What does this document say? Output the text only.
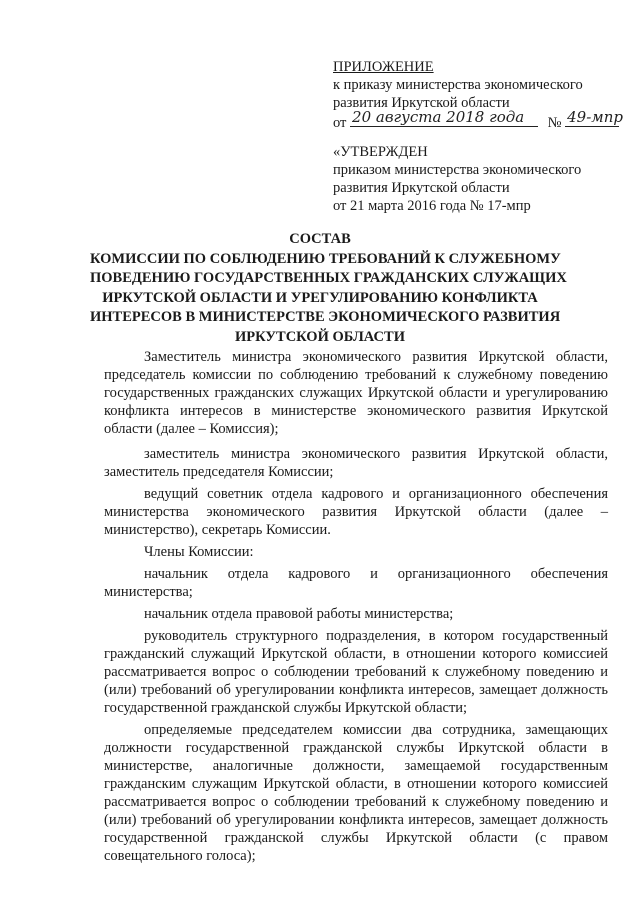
ПРИЛОЖЕНИЕ
к приказу министерства экономического
развития Иркутской области
от 20 августа 2018 года № 49-мпр
«УТВЕРЖДЕН
приказом министерства экономического
развития Иркутской области
от 21 марта 2016 года № 17-мпр
СОСТАВ
КОМИССИИ ПО СОБЛЮДЕНИЮ ТРЕБОВАНИЙ К СЛУЖЕБНОМУ
ПОВЕДЕНИЮ ГОСУДАРСТВЕННЫХ ГРАЖДАНСКИХ СЛУЖАЩИХ
ИРКУТСКОЙ ОБЛАСТИ И УРЕГУЛИРОВАНИЮ КОНФЛИКТА
ИНТЕРЕСОВ В МИНИСТЕРСТВЕ ЭКОНОМИЧЕСКОГО РАЗВИТИЯ
ИРКУТСКОЙ ОБЛАСТИ

Заместитель министра экономического развития Иркутской области, председатель комиссии по соблюдению требований к служебному поведению государственных гражданских служащих Иркутской области и урегулированию конфликта интересов в министерстве экономического развития Иркутской области (далее – Комиссия);

заместитель министра экономического развития Иркутской области, заместитель председателя Комиссии;

ведущий советник отдела кадрового и организационного обеспечения министерства экономического развития Иркутской области (далее – министерство), секретарь Комиссии.

Члены Комиссии:

начальник отдела кадрового и организационного обеспечения министерства;

начальник отдела правовой работы министерства;

руководитель структурного подразделения, в котором государственный гражданский служащий Иркутской области, в отношении которого комиссией рассматривается вопрос о соблюдении требований к служебному поведению и (или) требований об урегулировании конфликта интересов, замещает должность государственной гражданской службы Иркутской области;

определяемые председателем комиссии два сотрудника, замещающих должности государственной гражданской службы Иркутской области в министерстве, аналогичные должности, замещаемой государственным гражданским служащим Иркутской области, в отношении которого комиссией рассматривается вопрос о соблюдении требований к служебному поведению и (или) требований об урегулировании конфликта интересов, замещает должность государственной гражданской службы Иркутской области (с правом совещательного голоса);
